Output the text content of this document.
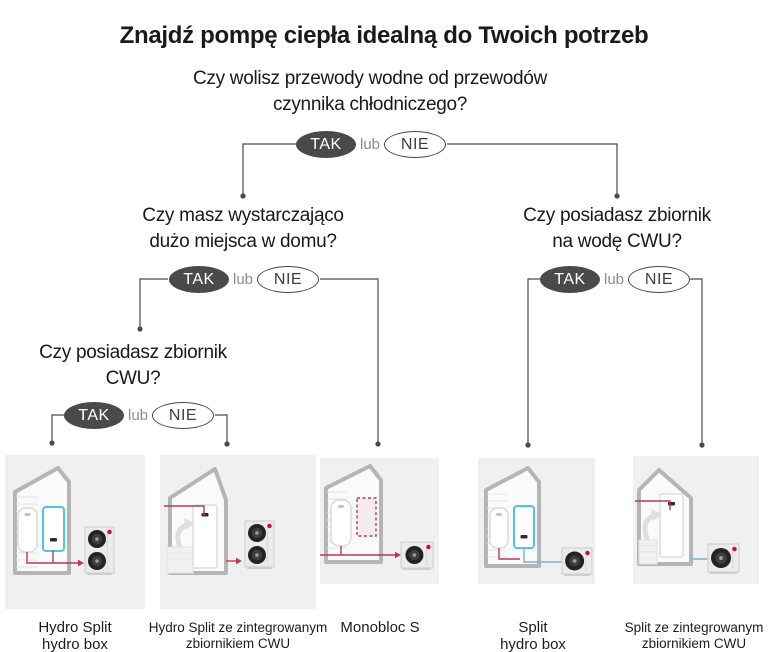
Znajdź pompę ciepła idealną do Twoich potrzeb
Czy wolisz przewody wodne od przewodów
czynnika chłodniczego?
Czy masz wystarczająco
dużo miejsca w domu?
Czy posiadasz zbiornik
na wodę CWU?
Czy posiadasz zbiornik
CWU?
TAK	lub	NIE
TAK	lub	NIE	TAK	lub	NIE
TAK	lub	NIE
Hydro Split
hydro box
Hydro Split ze zintegrowanym
zbiornikiem CWU
Monobloc S	Split
hydro box
Split ze zintegrowanym
zbiornikiem CWU
